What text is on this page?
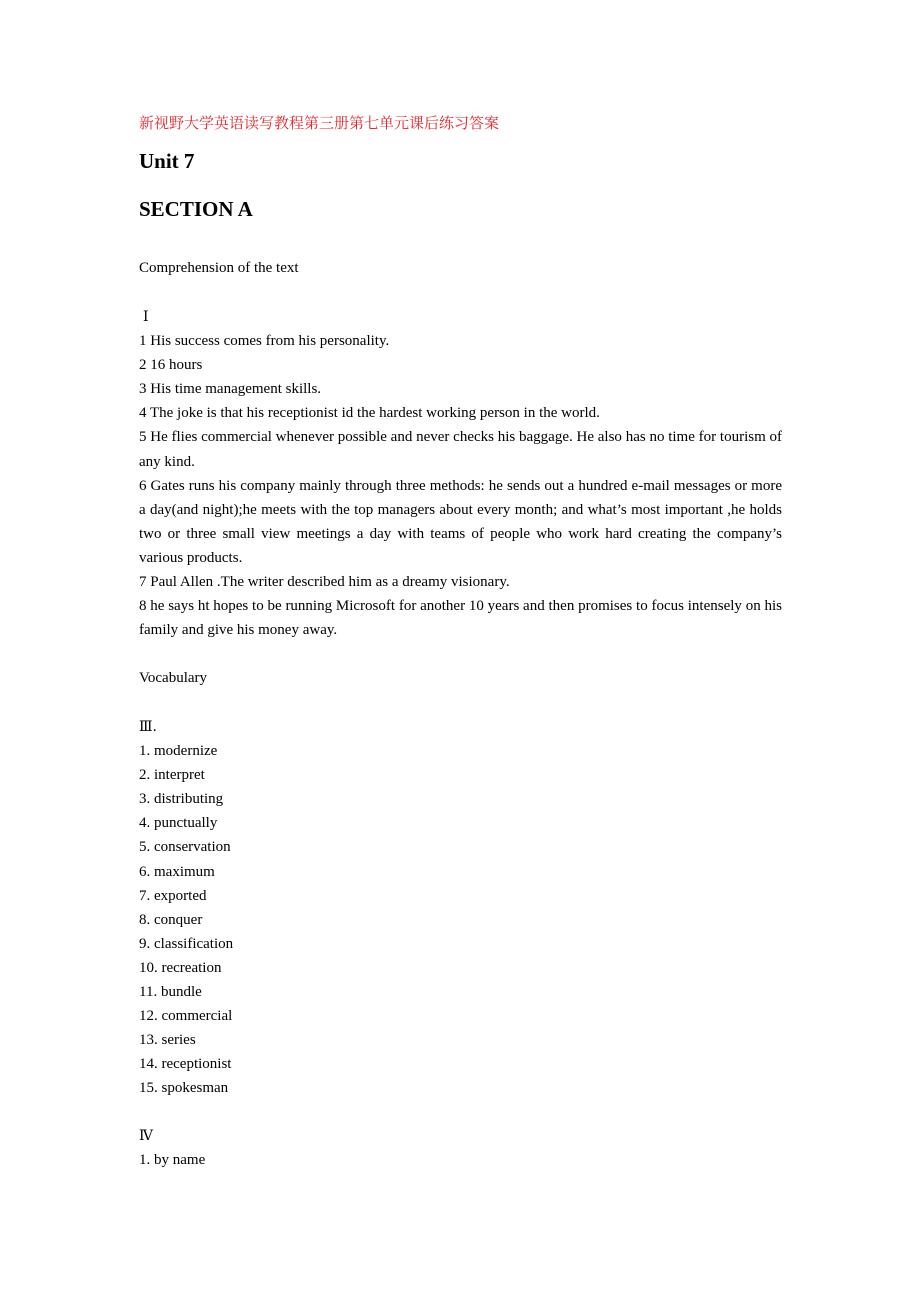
新视野大学英语读写教程第三册第七单元课后练习答案
Unit 7
SECTION A
Comprehension of the text
Ⅰ
1 His success comes from his personality.
2 16 hours
3 His time management skills.
4 The joke is that his receptionist id the hardest working person in the world.
5 He flies commercial whenever possible and never checks his baggage. He also has no time for tourism of any kind.
6 Gates runs his company mainly through three methods: he sends out a hundred e-mail messages or more a day(and night);he meets with the top managers about every month; and what’s most important ,he holds two or three small view meetings a day with teams of people who work hard creating the company’s various products.
7 Paul Allen .The writer described him as a dreamy visionary.
8 he says ht hopes to be running Microsoft for another 10 years and then promises to focus intensely on his family and give his money away.
Vocabulary
Ⅲ.
1. modernize
2. interpret
3. distributing
4. punctually
5. conservation
6. maximum
7. exported
8. conquer
9. classification
10. recreation
11. bundle
12. commercial
13. series
14. receptionist
15. spokesman
Ⅳ
1. by name
